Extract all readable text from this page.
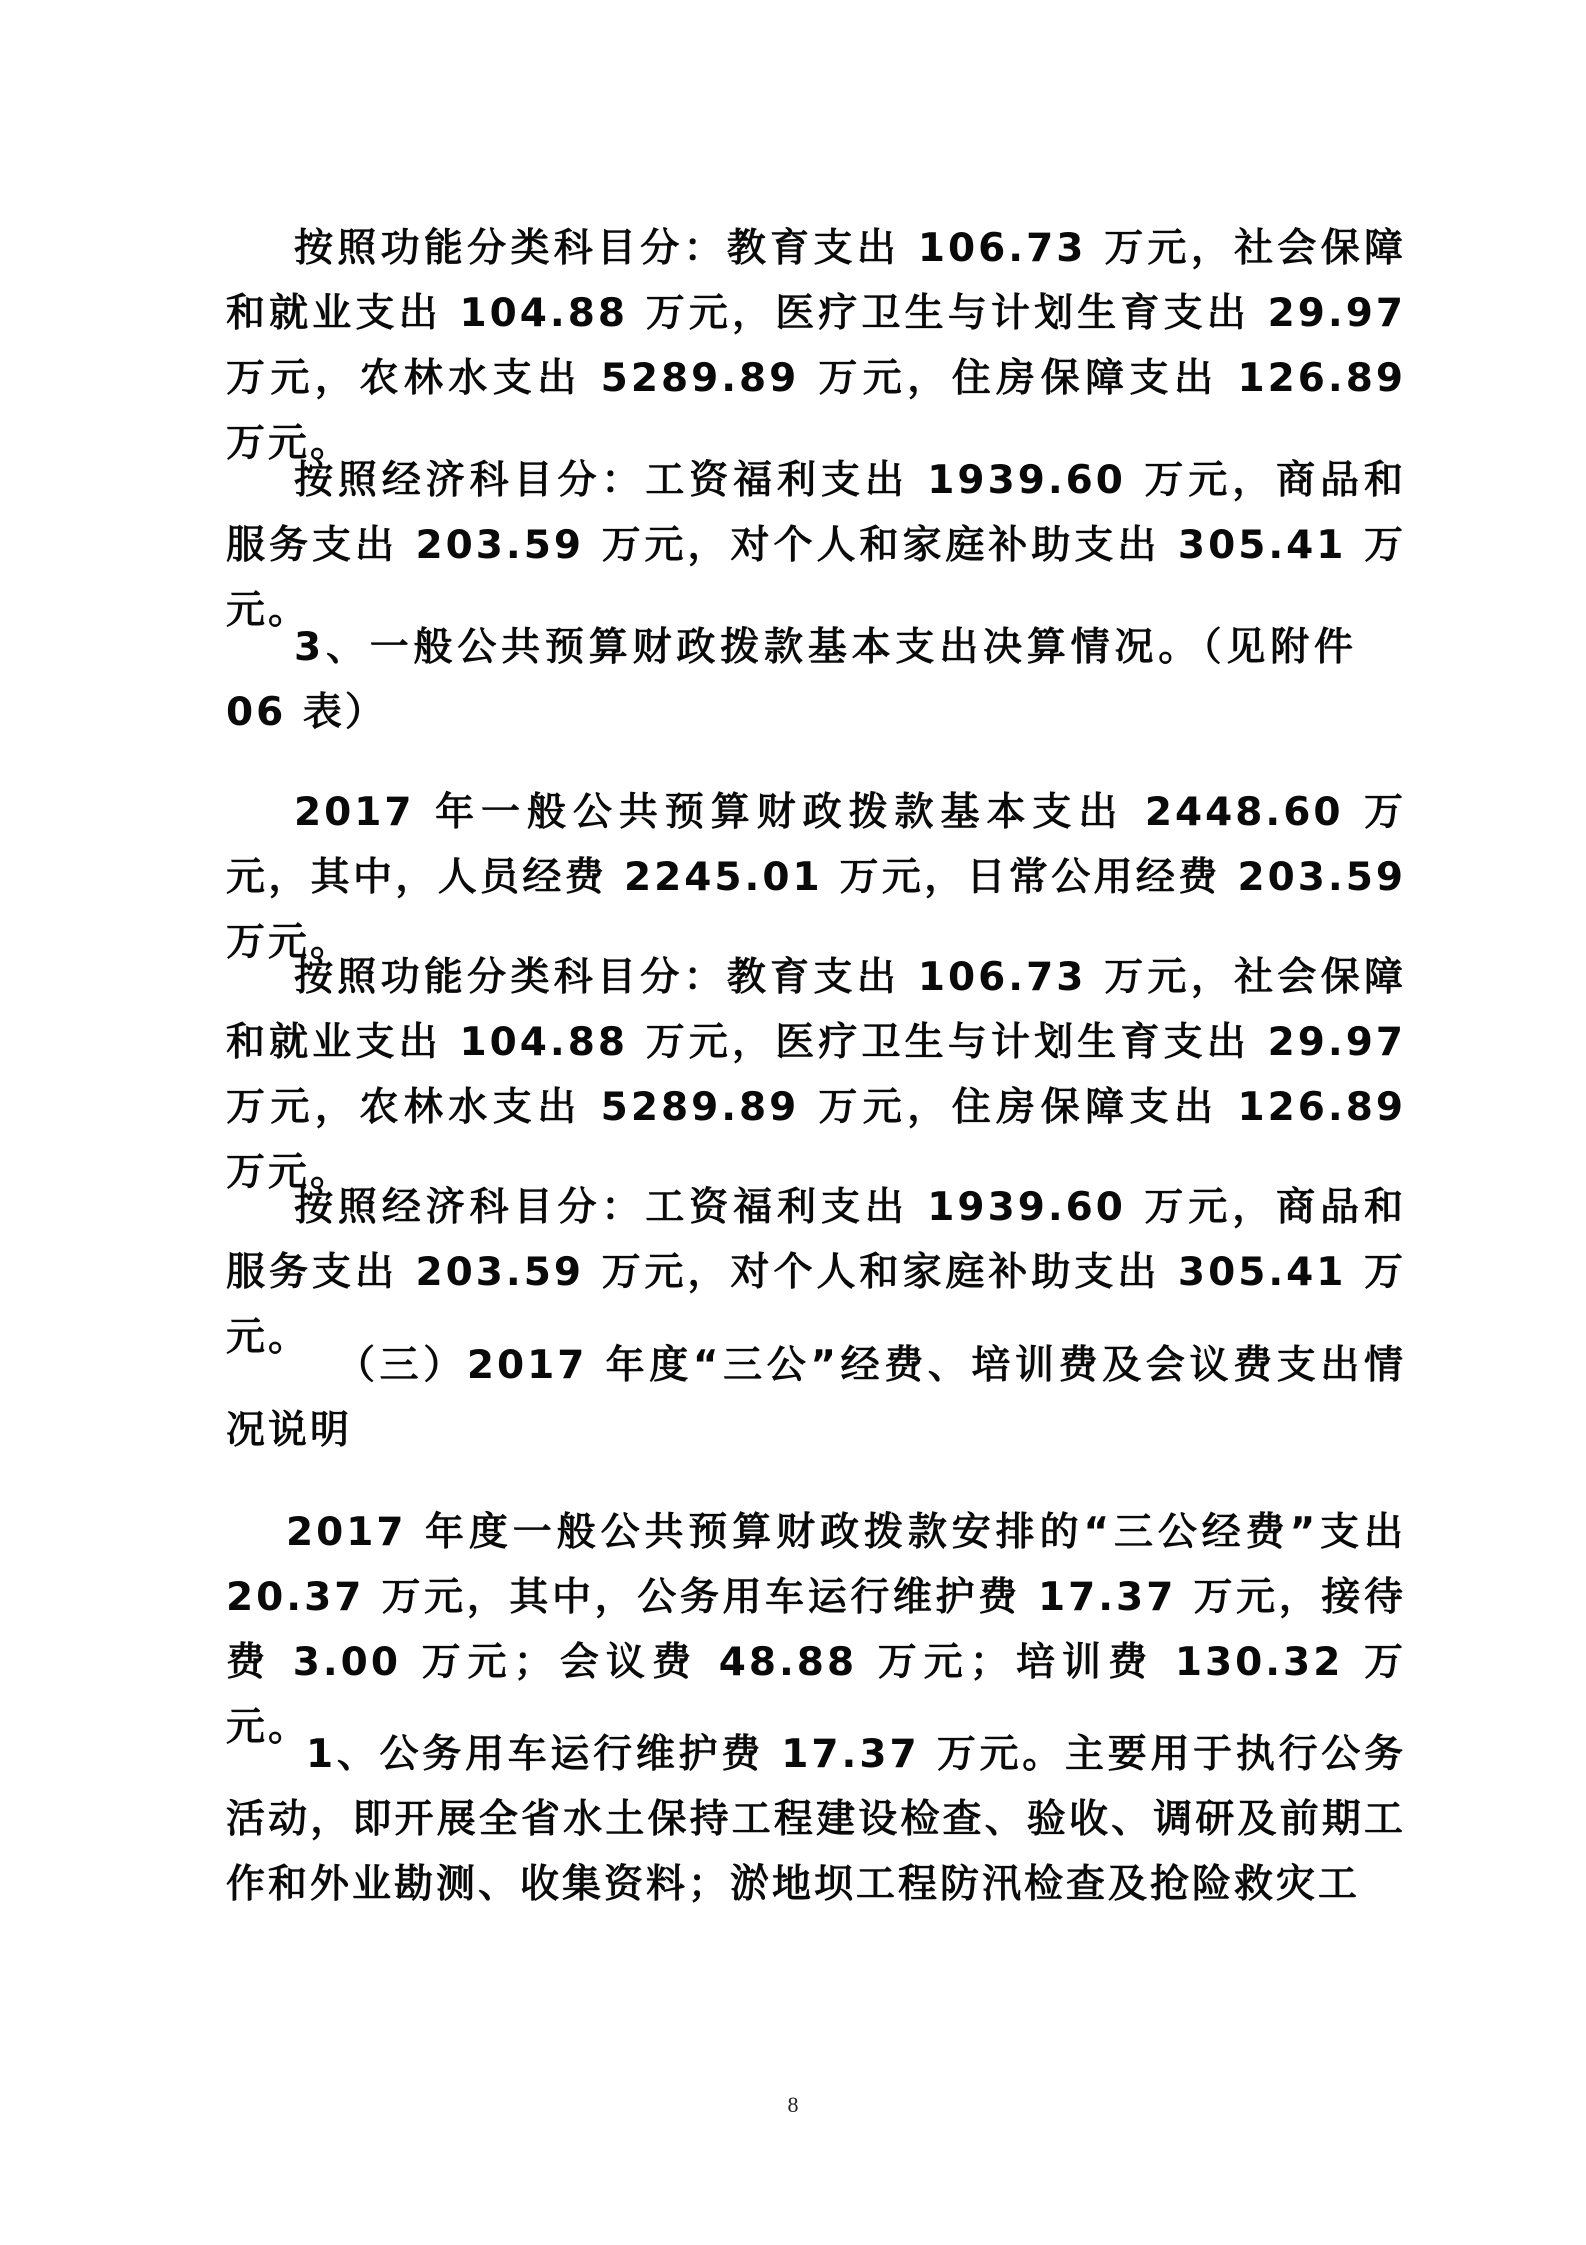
按照功能分类科目分：教育支出 106.73 万元，社会保障和就业支出 104.88 万元，医疗卫生与计划生育支出 29.97 万元，农林水支出 5289.89 万元，住房保障支出 126.89 万元。

按照经济科目分：工资福利支出 1939.60 万元，商品和服务支出 203.59 万元，对个人和家庭补助支出 305.41 万元。

3、一般公共预算财政拨款基本支出决算情况。（见附件 06 表）

2017 年一般公共预算财政拨款基本支出 2448.60 万元，其中，人员经费 2245.01 万元，日常公用经费 203.59 万元。

按照功能分类科目分：教育支出 106.73 万元，社会保障和就业支出 104.88 万元，医疗卫生与计划生育支出 29.97 万元，农林水支出 5289.89 万元，住房保障支出 126.89 万元。

按照经济科目分：工资福利支出 1939.60 万元，商品和服务支出 203.59 万元，对个人和家庭补助支出 305.41 万元。

（三）2017 年度“三公”经费、培训费及会议费支出情况说明

2017 年度一般公共预算财政拨款安排的“三公经费”支出 20.37 万元，其中，公务用车运行维护费 17.37 万元，接待费 3.00 万元；会议费 48.88 万元；培训费 130.32 万元。

1、公务用车运行维护费 17.37 万元。主要用于执行公务活动，即开展全省水土保持工程建设检查、验收、调研及前期工作和外业勘测、收集资料；淤地坝工程防汛检查及抢险救灾工

8
